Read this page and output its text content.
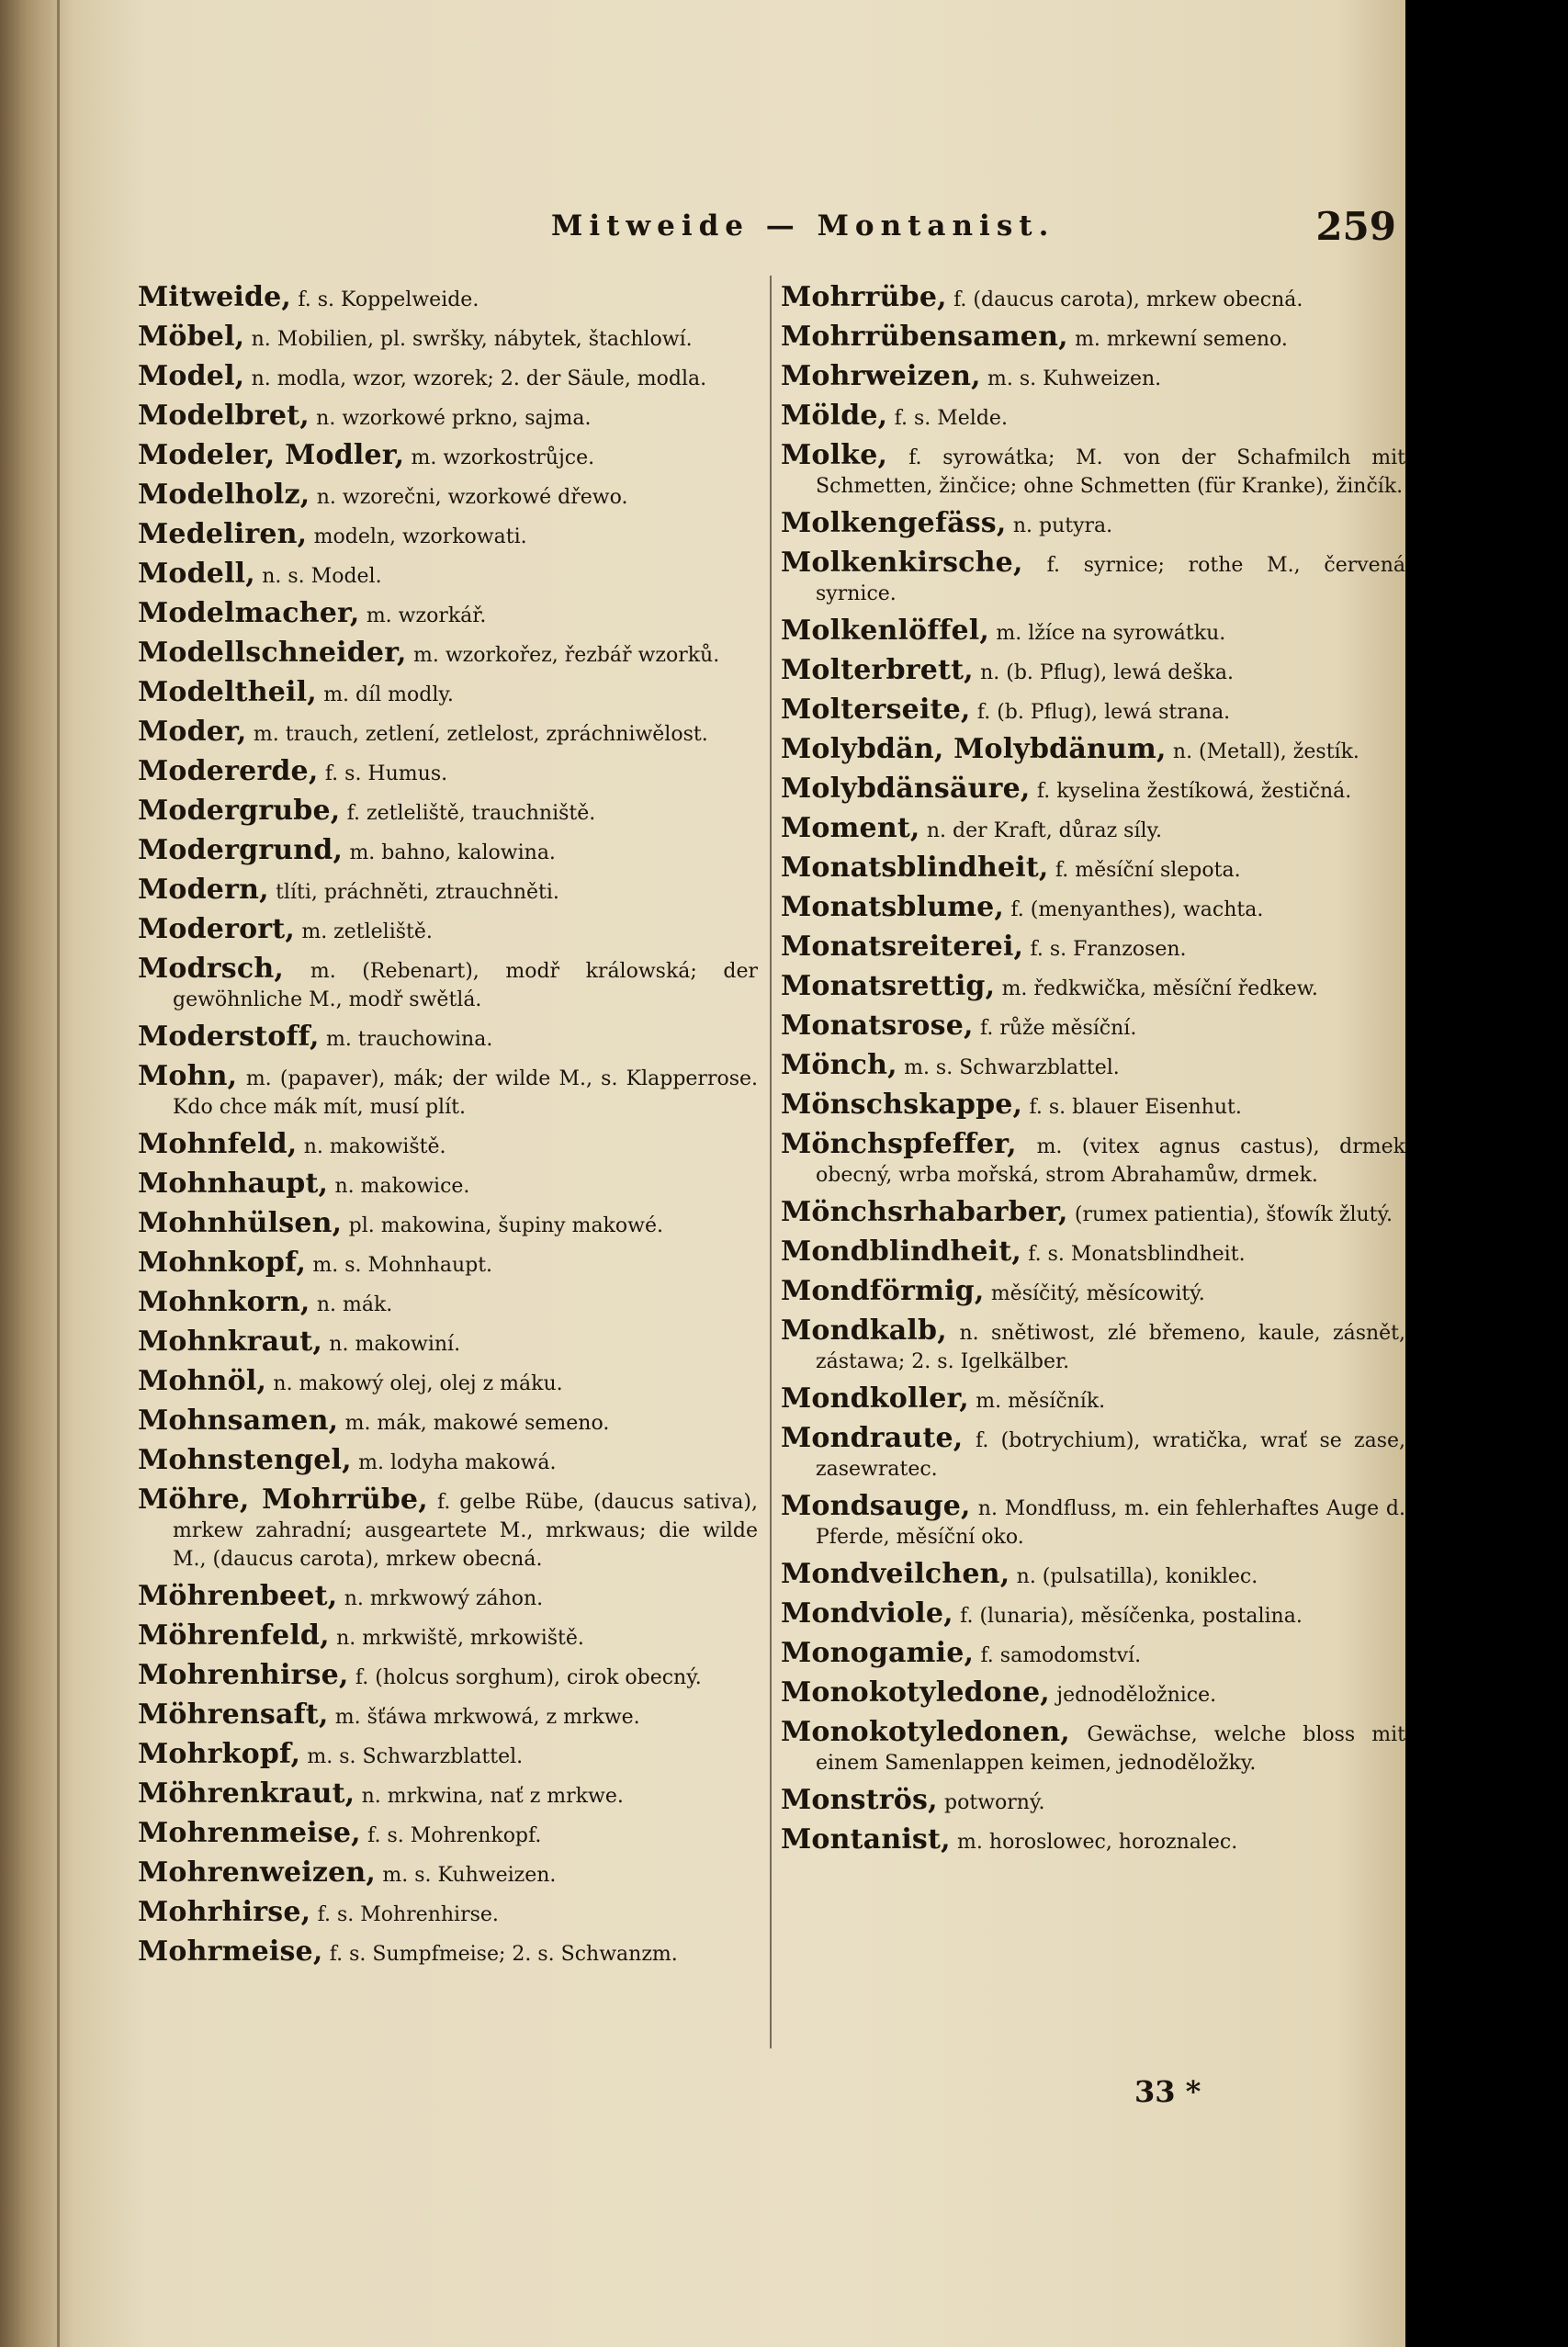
Mitweide — Montanist.	259
Mitweide, f. s. Koppelweide.
Möbel, n. Mobilien, pl. swršky, nábytek, štachlowí.
Model, n. modla, wzor, wzorek; 2. der Säule, modla.
Modelbret, n. wzorkowé prkno, sajma.
Modeler, Modler, m. wzorkostrůjce.
Modelholz, n. wzorečni, wzorkowé dřewo.
Medeliren, modeln, wzorkowati.
Modell, n. s. Model.
Modelmacher, m. wzorkář.
Modellschneider, m. wzorkořez, řezbář wzorků.
Modeltheil, m. díl modly.
Moder, m. trauch, zetlení, zetlelost, zpráchniwělost.
Modererde, f. s. Humus.
Modergrube, f. zetleliště, trauchniště.
Modergrund, m. bahno, kalowina.
Modern, tlíti, práchněti, ztrauchněti.
Moderort, m. zetleliště.
Modrsch, m. (Rebenart), modř králowská; der gewöhnliche M., modř swětlá.
Moderstoff, m. trauchowina.
Mohn, m. (papaver), mák; der wilde M., s. Klapperrose. Kdo chce mák mít, musí plít.
Mohnfeld, n. makowiště.
Mohnhaupt, n. makowice.
Mohnhülsen, pl. makowina, šupiny makowé.
Mohnkopf, m. s. Mohnhaupt.
Mohnkorn, n. mák.
Mohnkraut, n. makowiní.
Mohnöl, n. makowý olej, olej z máku.
Mohnsamen, m. mák, makowé semeno.
Mohnstengel, m. lodyha makowá.
Möhre, Mohrrübe, f. gelbe Rübe, (daucus sativa), mrkew zahradní; ausgeartete M., mrkwaus; die wilde M., (daucus carota), mrkew obecná.
Möhrenbeet, n. mrkwowý záhon.
Möhrenfeld, n. mrkwiště, mrkowiště.
Mohrenhirse, f. (holcus sorghum), cirok obecný.
Möhrensaft, m. šťáwa mrkwowá, z mrkwe.
Mohrkopf, m. s. Schwarzblattel.
Möhrenkraut, n. mrkwina, nať z mrkwe.
Mohrenmeise, f. s. Mohrenkopf.
Mohrenweizen, m. s. Kuhweizen.
Mohrhirse, f. s. Mohrenhirse.
Mohrmeise, f. s. Sumpfmeise; 2. s. Schwanzm.
Mohrrübe, f. (daucus carota), mrkew obecná.
Mohrrübensamen, m. mrkewní semeno.
Mohrweizen, m. s. Kuhweizen.
Mölde, f. s. Melde.
Molke, f. syrowátka; M. von der Schafmilch mit Schmetten, žinčice; ohne Schmetten (für Kranke), žinčík.
Molkengefäss, n. putyra.
Molkenkirsche, f. syrnice; rothe M., červená syrnice.
Molkenlöffel, m. lžíce na syrowátku.
Molterbrett, n. (b. Pflug), lewá deška.
Molterseite, f. (b. Pflug), lewá strana.
Molybdän, Molybdänum, n. (Metall), žestík.
Molybdänsäure, f. kyselina žestíkowá, žestičná.
Moment, n. der Kraft, důraz síly.
Monatsblindheit, f. měsíční slepota.
Monatsblume, f. (menyanthes), wachta.
Monatsreiterei, f. s. Franzosen.
Monatsrettig, m. ředkwička, měsíční ředkew.
Monatsrose, f. růže měsíční.
Mönch, m. s. Schwarzblattel.
Mönschskappe, f. s. blauer Eisenhut.
Mönchspfeffer, m. (vitex agnus castus), drmek obecný, wrba mořská, strom Abrahamůw, drmek.
Mönchsrhabarber, (rumex patientia), šťowík žlutý.
Mondblindheit, f. s. Monatsblindheit.
Mondförmig, měsíčitý, měsícowitý.
Mondkalb, n. snětiwost, zlé břemeno, kaule, zásnět, zástawa; 2. s. Igelkälber.
Mondkoller, m. měsíčník.
Mondraute, f. (botrychium), wratička, wrať se zase, zasewratec.
Mondsauge, n. Mondfluss, m. ein fehlerhaftes Auge d. Pferde, měsíční oko.
Mondveilchen, n. (pulsatilla), koniklec.
Mondviole, f. (lunaria), měsíčenka, postalina.
Monogamie, f. samodomství.
Monokotyledone, jednoděložnice.
Monokotyledonen, Gewächse, welche bloss mit einem Samenlappen keimen, jednoděložky.
Monströs, potworný.
Montanist, m. horoslowec, horoznalec.
33 *
